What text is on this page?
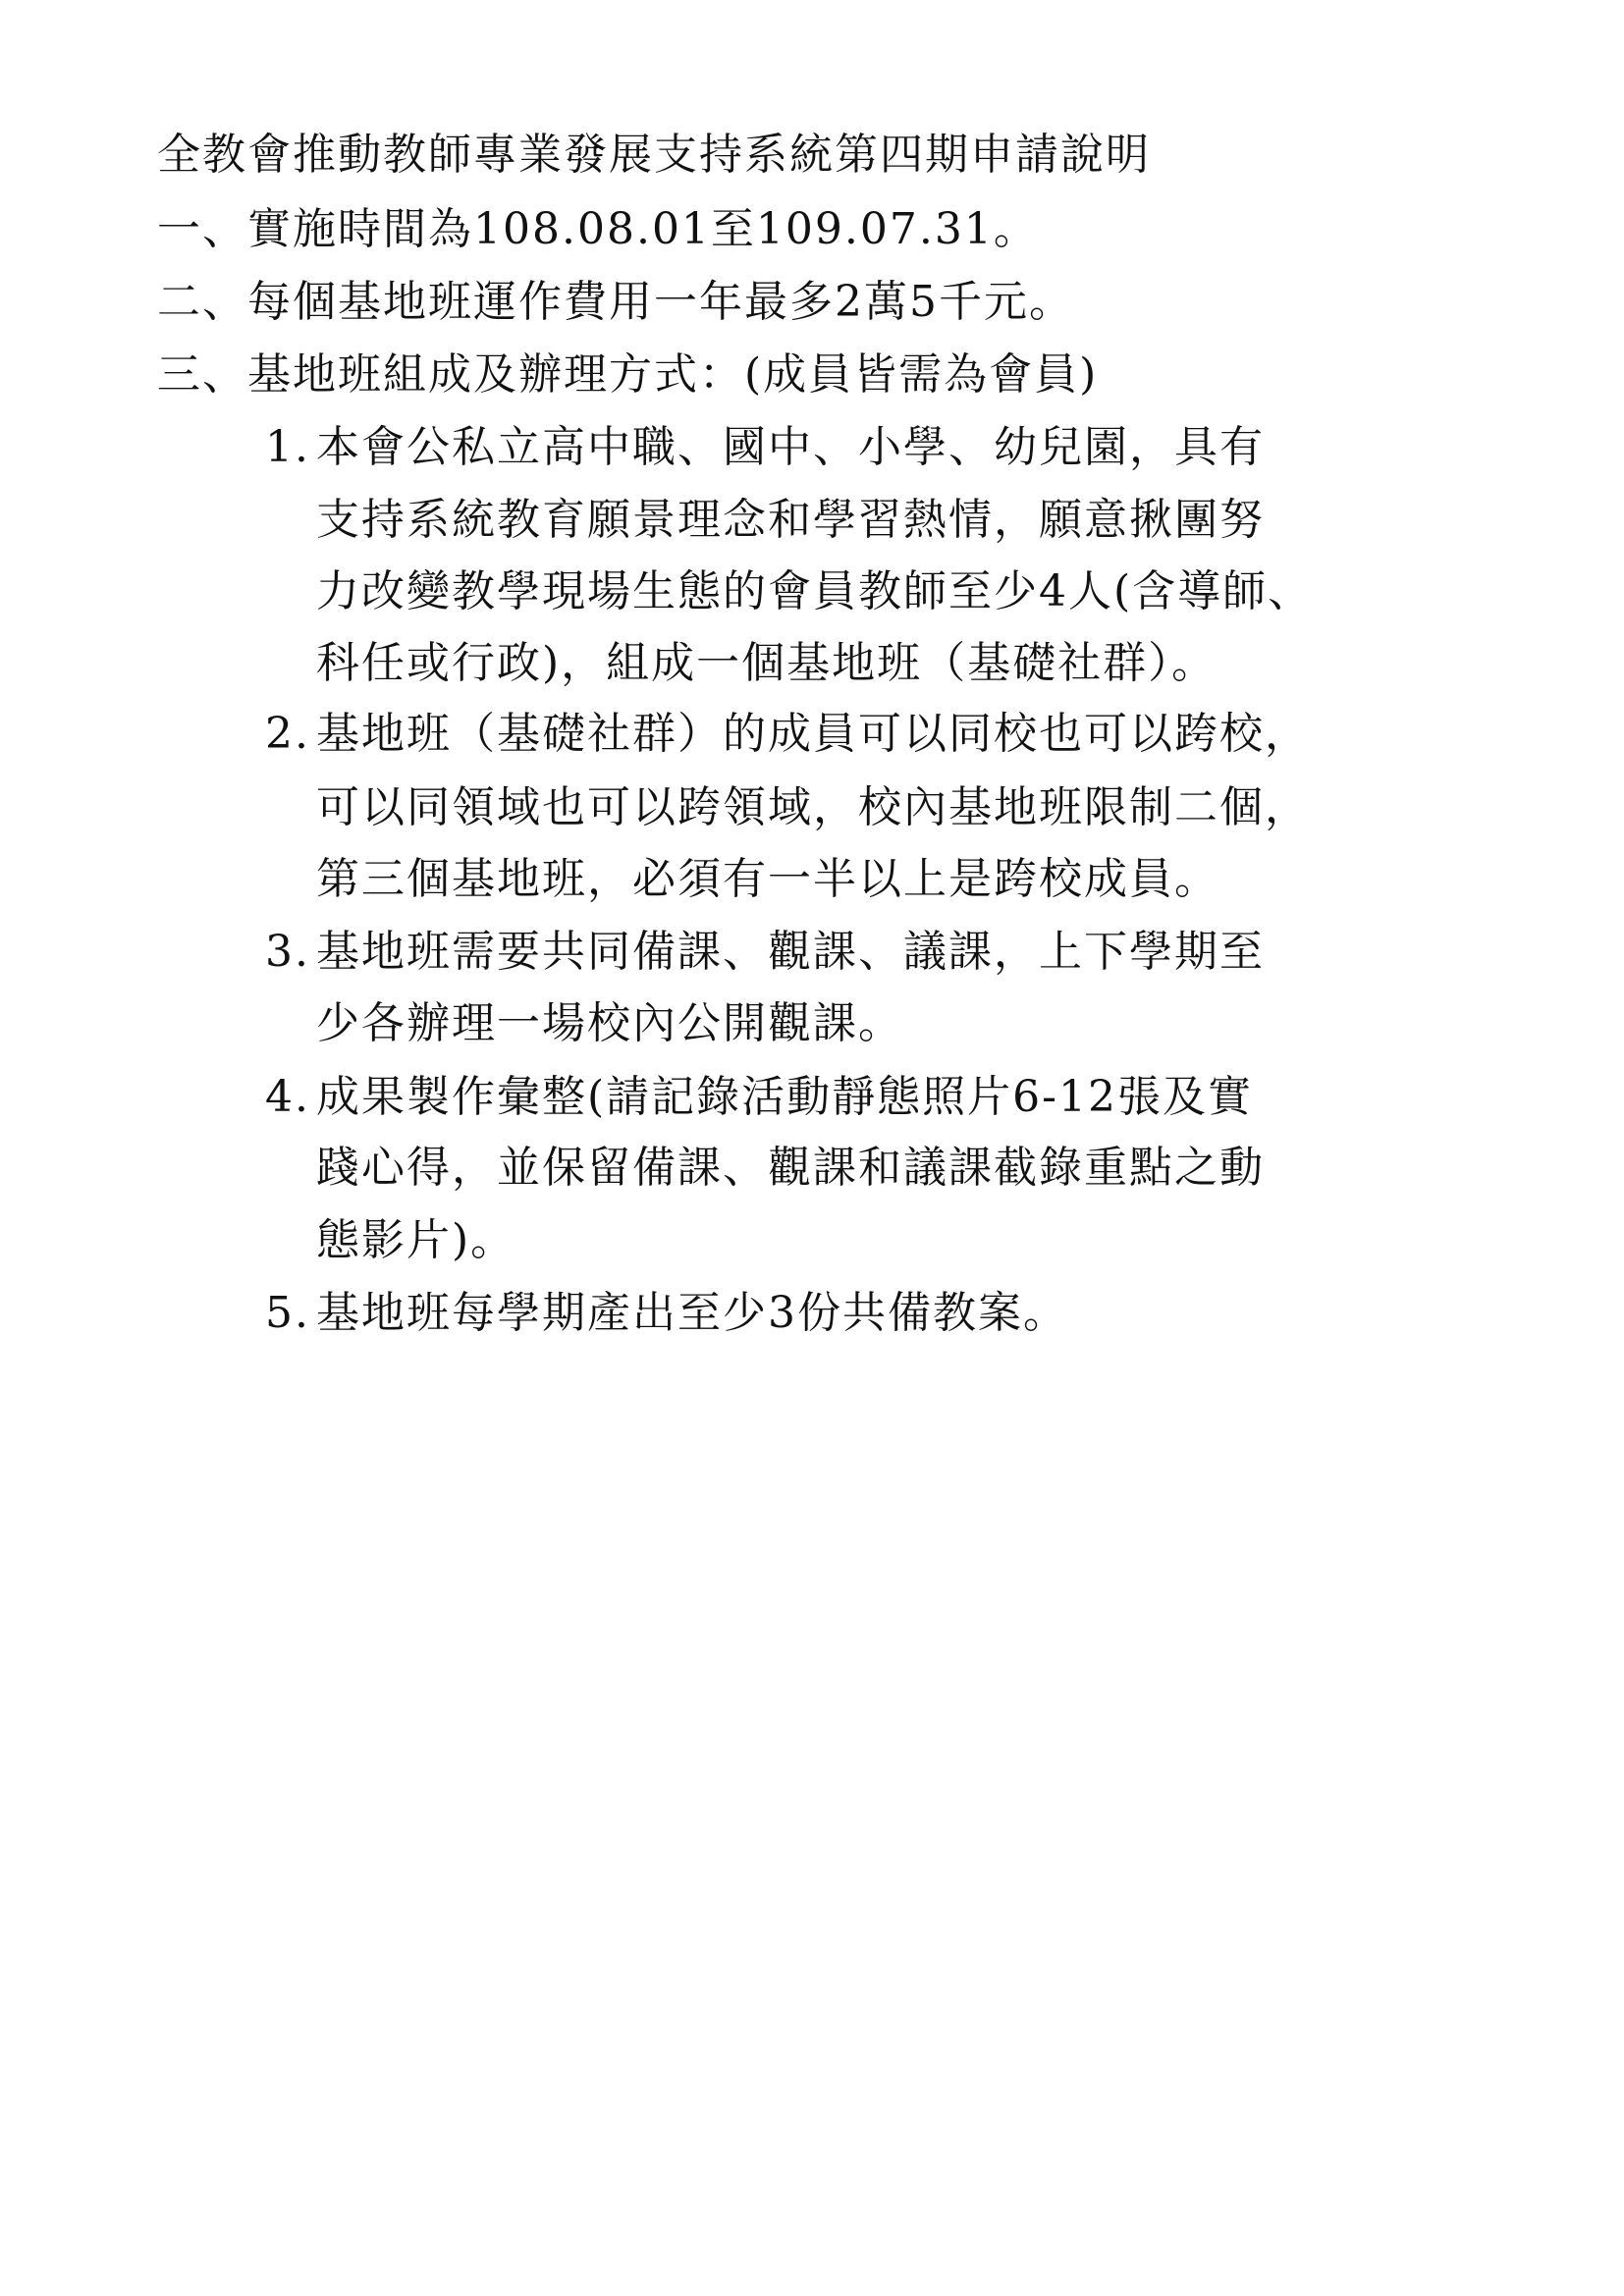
全教會推動教師專業發展支持系統第四期申請說明
一、實施時間為108.08.01至109.07.31。
二、每個基地班運作費用一年最多2萬5千元。
三、基地班組成及辦理方式：(成員皆需為會員)
1. 本會公私立高中職、國中、小學、幼兒園，具有
支持系統教育願景理念和學習熱情，願意揪團努
力改變教學現場生態的會員教師至少4人(含導師、
科任或行政)，組成一個基地班（基礎社群）。
2. 基地班（基礎社群）的成員可以同校也可以跨校，
可以同領域也可以跨領域，校內基地班限制二個，
第三個基地班，必須有一半以上是跨校成員。
3. 基地班需要共同備課、觀課、議課，上下學期至
少各辦理一場校內公開觀課。
4. 成果製作彙整(請記錄活動靜態照片6-12張及實
踐心得，並保留備課、觀課和議課截錄重點之動
態影片)。
5. 基地班每學期產出至少3份共備教案。
